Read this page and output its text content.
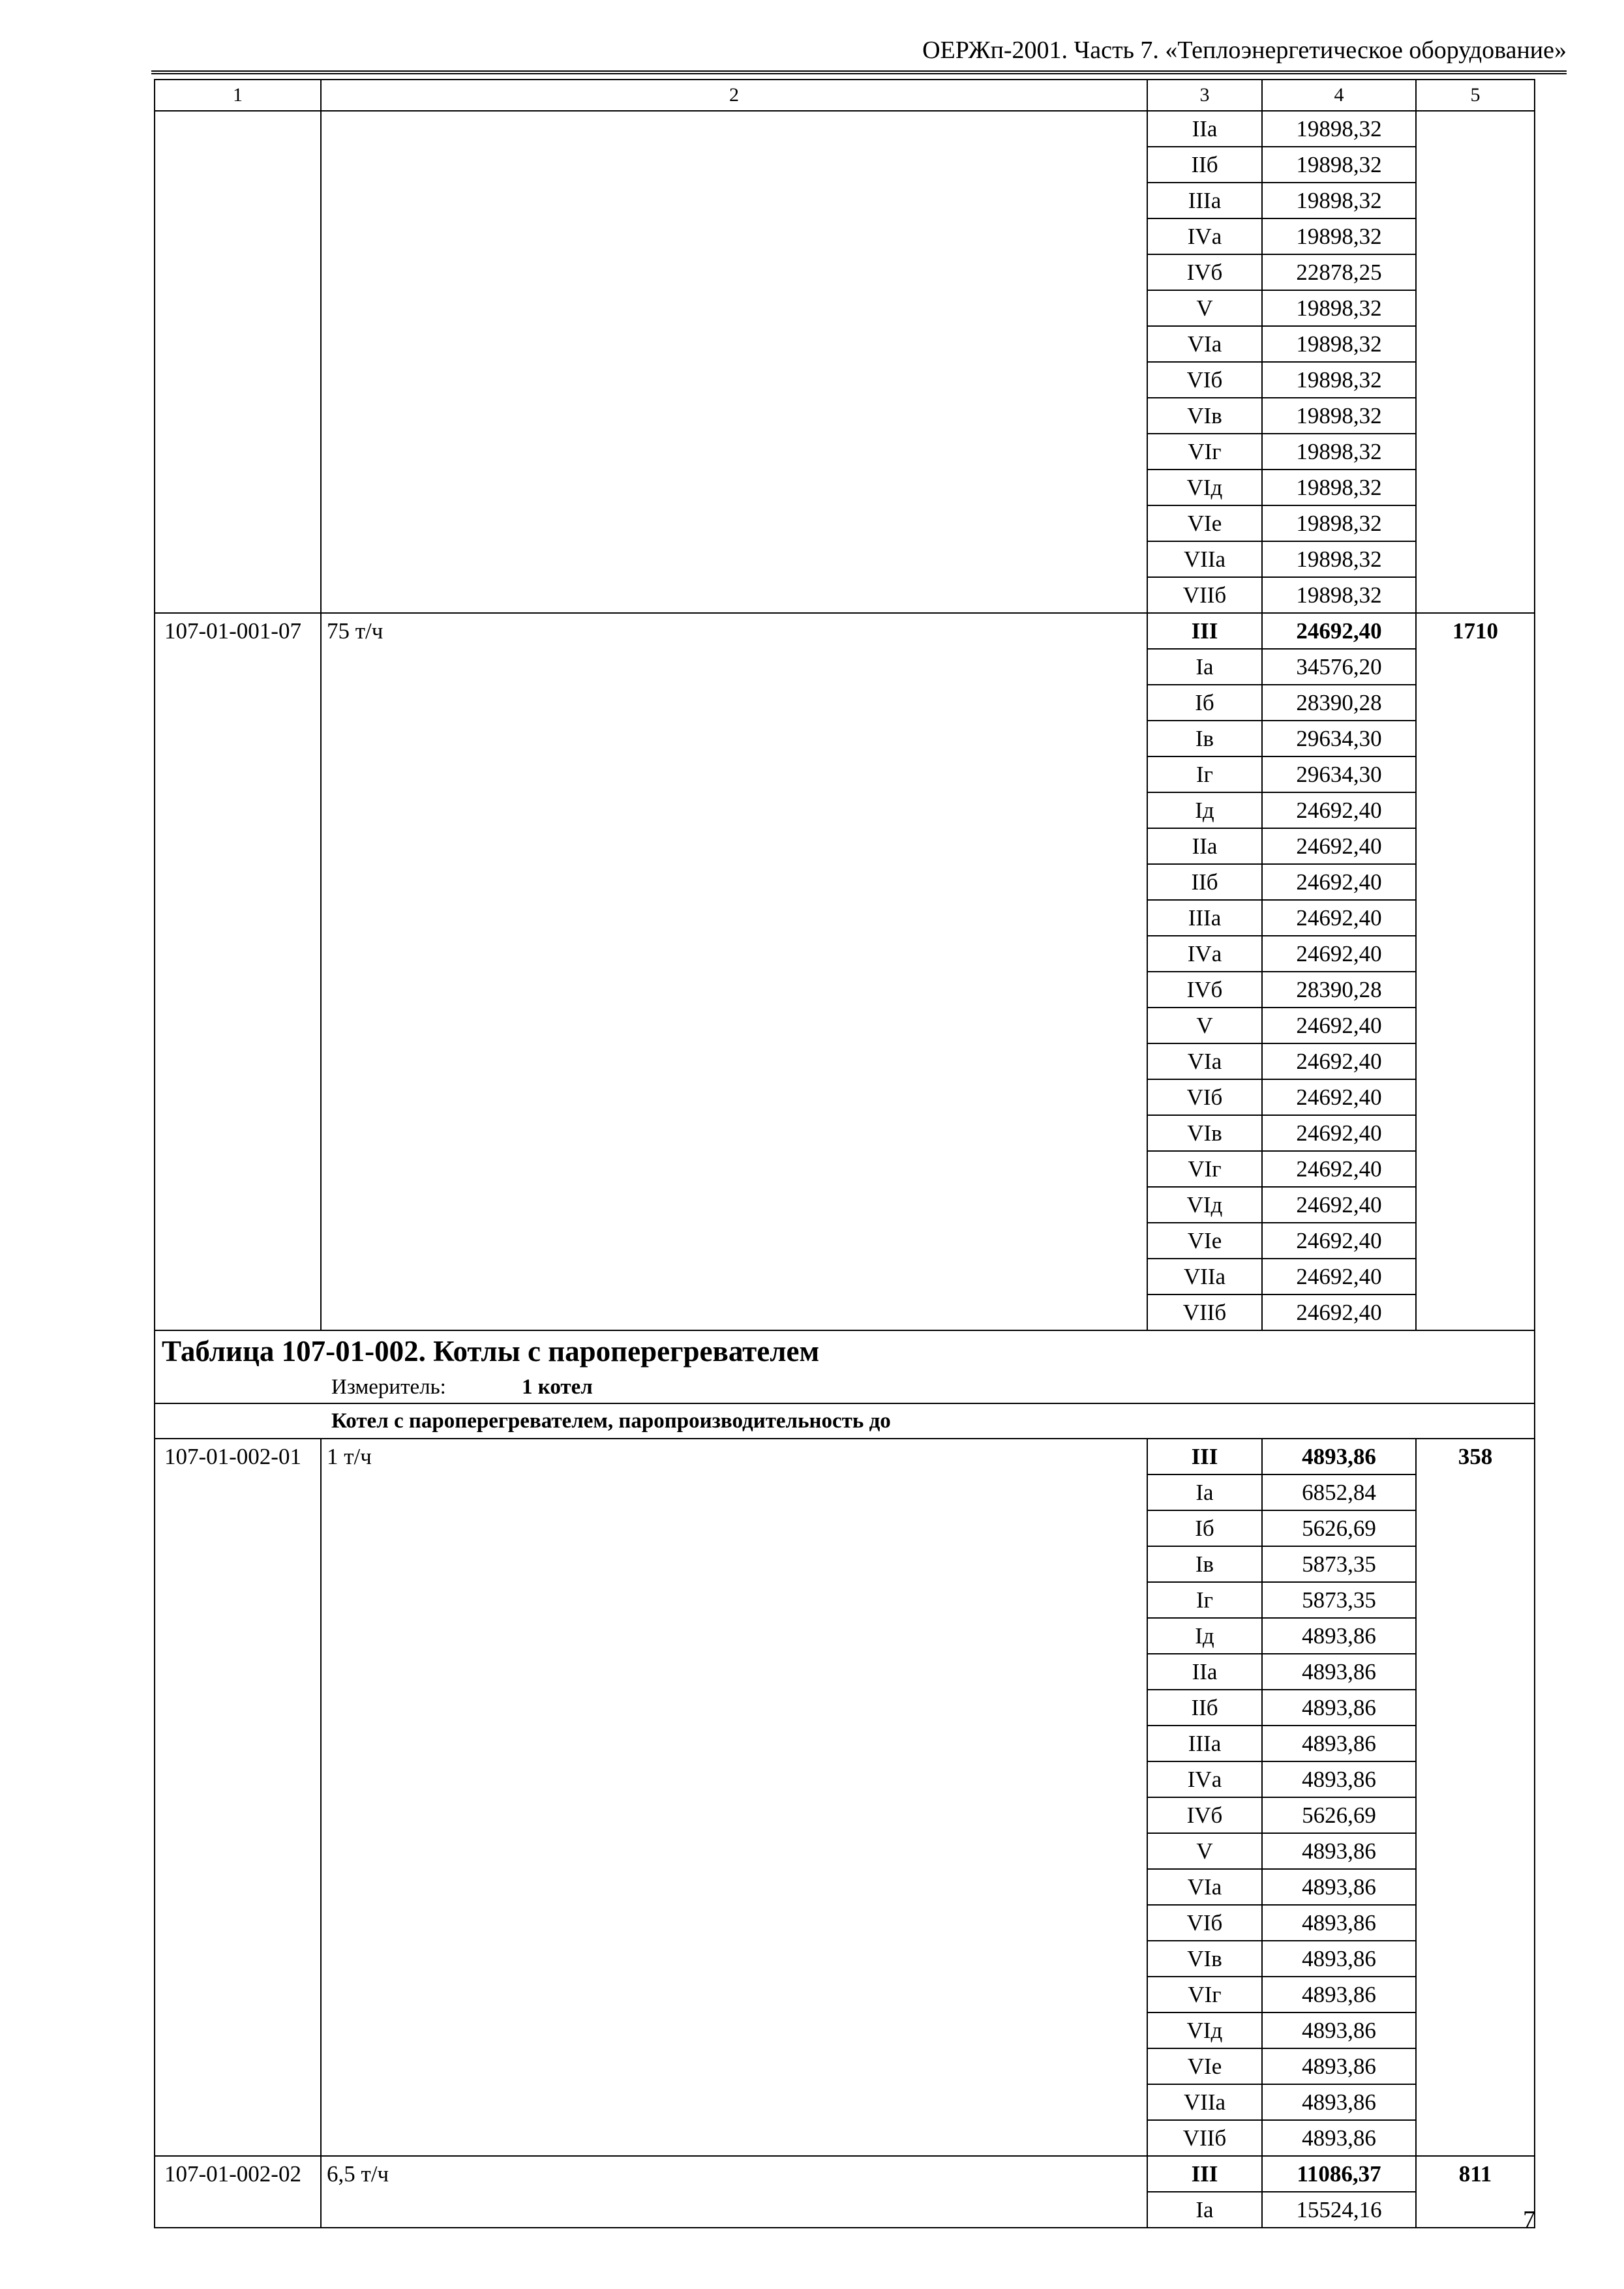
ОЕРЖп-2001. Часть 7. «Теплоэнергетическое оборудование»
1	2	3	4	5
		IIа	19898,32	
		IIб	19898,32	
		IIIа	19898,32	
		IVа	19898,32	
		IVб	22878,25	
		V	19898,32	
		VIа	19898,32	
		VIб	19898,32	
		VIв	19898,32	
		VIг	19898,32	
		VIд	19898,32	
		VIе	19898,32	
		VIIа	19898,32	
		VIIб	19898,32	
107-01-001-07	75 т/ч	III	24692,40	1710
		Iа	34576,20	
		Iб	28390,28	
		Iв	29634,30	
		Iг	29634,30	
		Iд	24692,40	
		IIа	24692,40	
		IIб	24692,40	
		IIIа	24692,40	
		IVа	24692,40	
		IVб	28390,28	
		V	24692,40	
		VIа	24692,40	
		VIб	24692,40	
		VIв	24692,40	
		VIг	24692,40	
		VIд	24692,40	
		VIе	24692,40	
		VIIа	24692,40	
		VIIб	24692,40	
Таблица 107-01-002. Котлы с пароперегревателем				
Измеритель: 1 котел				
Котел с пароперегревателем, паропроизводительность до				
107-01-002-01	1 т/ч	III	4893,86	358
		Iа	6852,84	
		Iб	5626,69	
		Iв	5873,35	
		Iг	5873,35	
		Iд	4893,86	
		IIа	4893,86	
		IIб	4893,86	
		IIIа	4893,86	
		IVа	4893,86	
		IVб	5626,69	
		V	4893,86	
		VIа	4893,86	
		VIб	4893,86	
		VIв	4893,86	
		VIг	4893,86	
		VIд	4893,86	
		VIе	4893,86	
		VIIа	4893,86	
		VIIб	4893,86	
107-01-002-02	6,5 т/ч	III	11086,37	811
		Iа	15524,16		7
